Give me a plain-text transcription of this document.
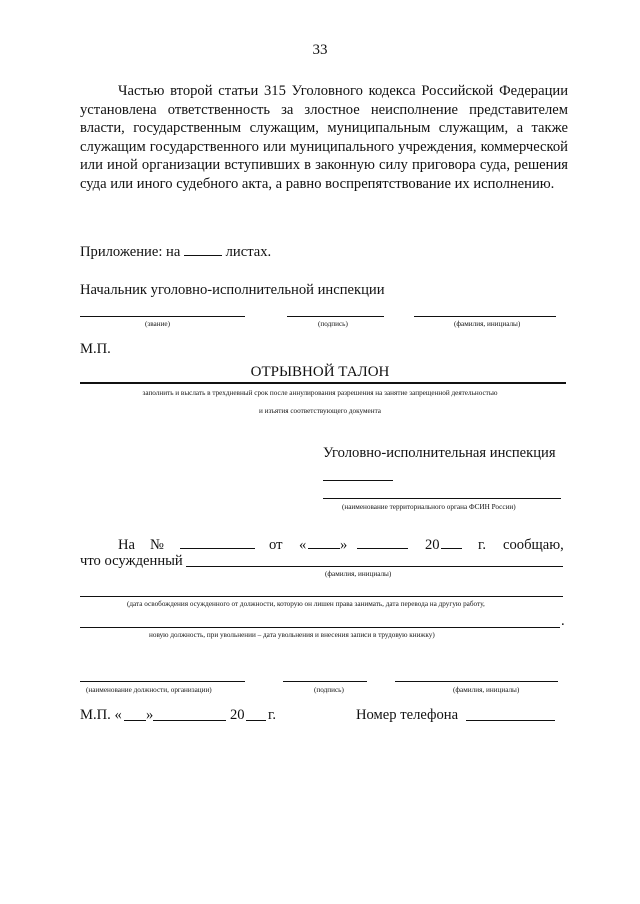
33
Частью второй статьи 315 Уголовного кодекса Российской Федерации установлена ответственность за злостное неисполнение представителем власти, государственным служащим, муниципальным служащим, а также служащим государственного или муниципального учреждения, коммерческой или иной организации вступивших в законную силу приговора суда, решения суда или иного судебного акта, а равно воспрепятствование их исполнению.
Приложение: на	листах.
Начальник уголовно-исполнительной инспекции
(звание)	(подпись)	(фамилия, инициалы)
М.П.
ОТРЫВНОЙ ТАЛОН
заполнить и выслать в трехдневный срок после аннулирования разрешения на занятие запрещенной деятельностью
и изъятия соответствующего документа
Уголовно-исполнительная инспекция
(наименование территориального органа ФСИН России)
На №	от « »	20	г. сообщаю,
что осужденный
(фамилия, инициалы)
(дата освобождения осужденного от должности, которую он лишен права занимать, дата перевода на другую работу,
.
новую должность, при увольнении – дата увольнения и внесения записи в трудовую книжку)
(наименование должности, организации)	(подпись)	(фамилия, инициалы)
М.П. « »	20 г.	Номер телефона
